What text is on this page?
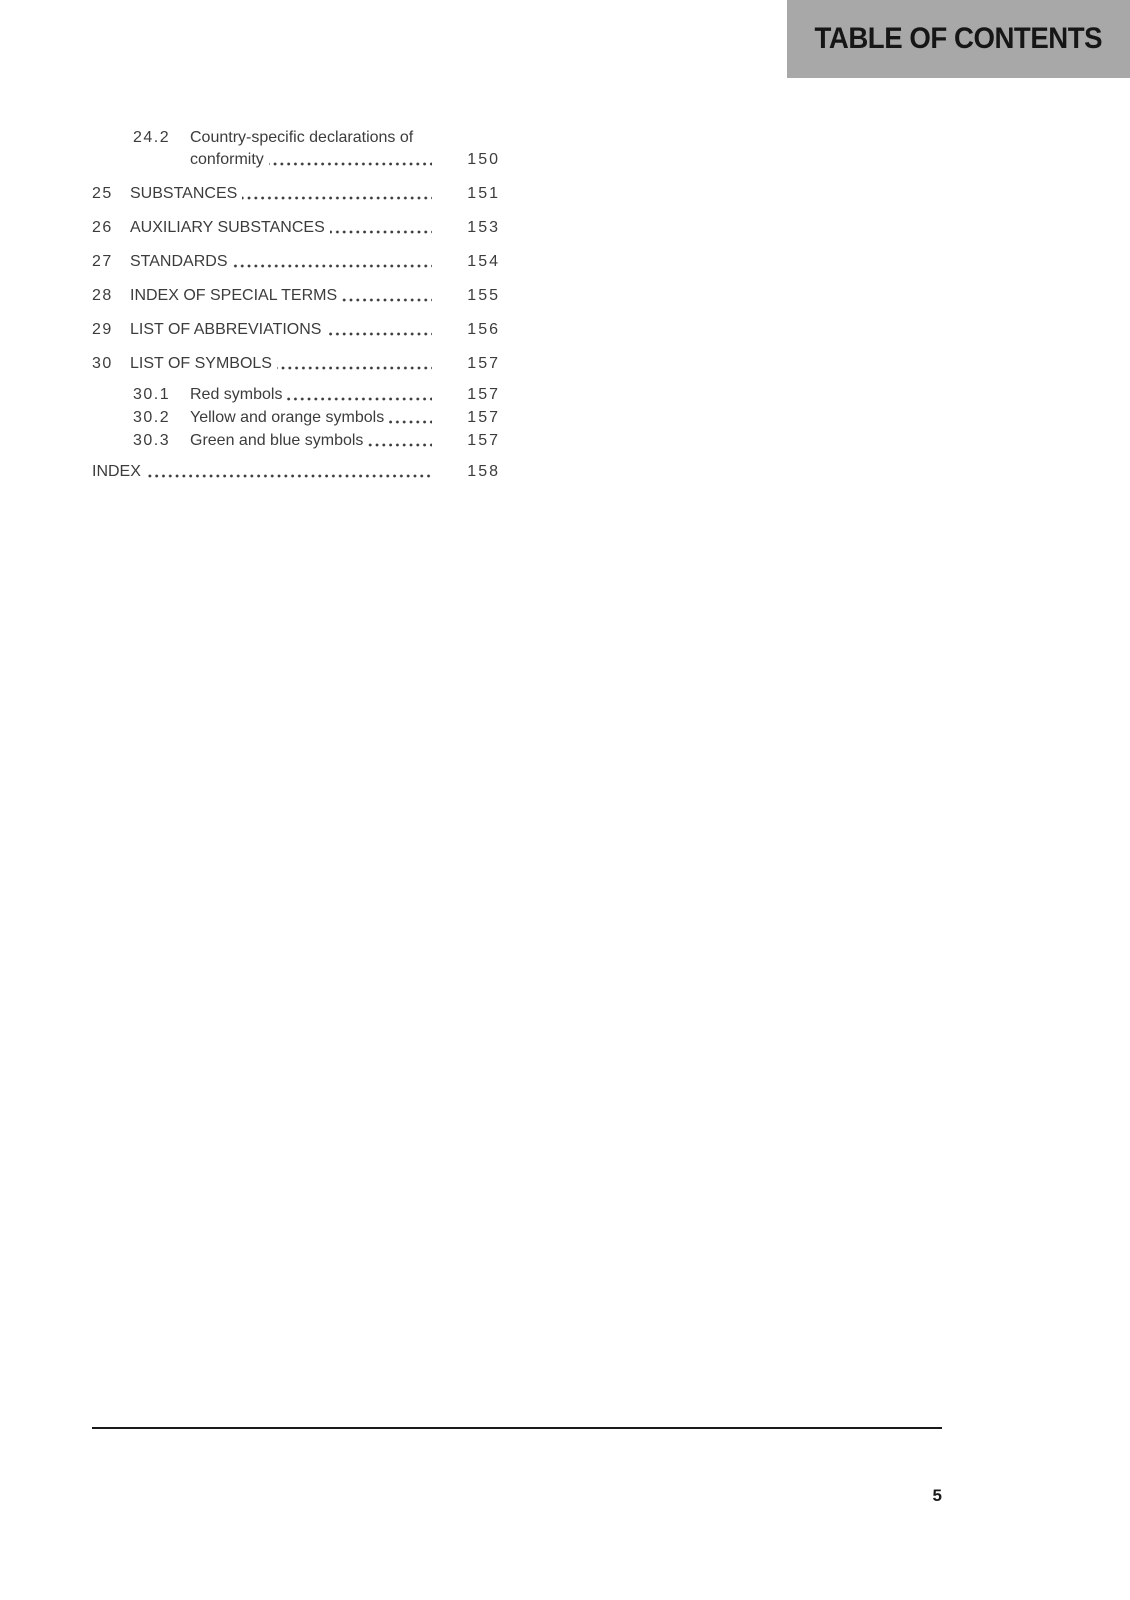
TABLE OF CONTENTS
24.2 Country-specific declarations of conformity	150
25 SUBSTANCES	151
26 AUXILIARY SUBSTANCES	153
27 STANDARDS	154
28 INDEX OF SPECIAL TERMS	155
29 LIST OF ABBREVIATIONS	156
30 LIST OF SYMBOLS	157
30.1 Red symbols	157
30.2 Yellow and orange symbols	157
30.3 Green and blue symbols	157
INDEX	158
5
